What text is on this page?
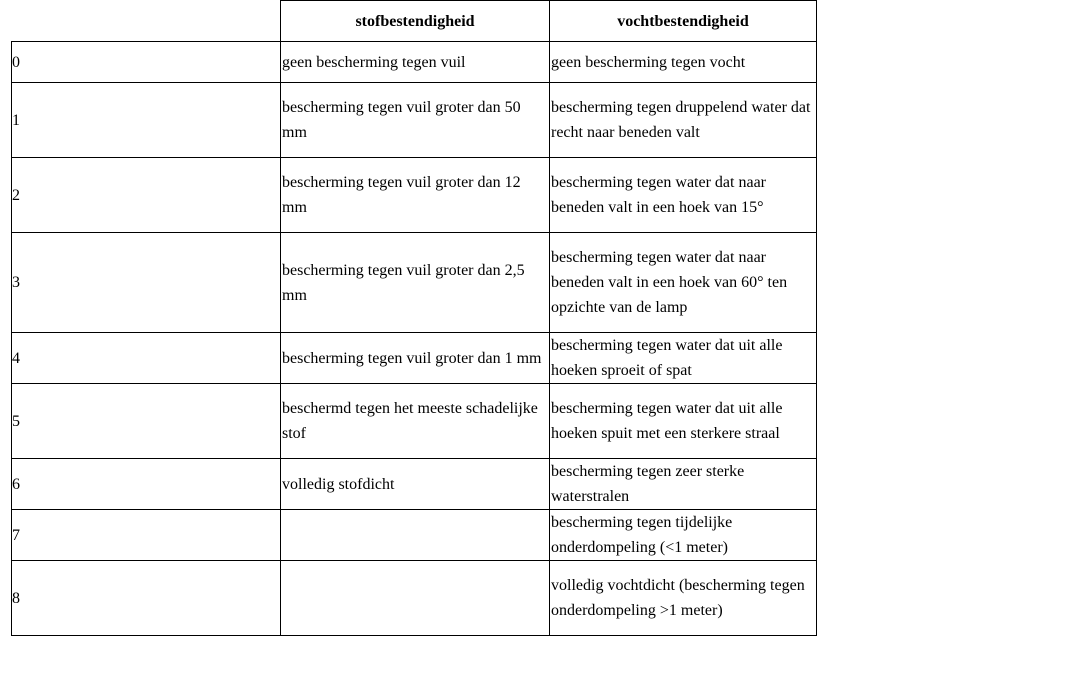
	stofbestendigheid	vochtbestendigheid
0	geen bescherming tegen vuil	geen bescherming tegen vocht
1	bescherming tegen vuil groter dan 50 mm	bescherming tegen druppelend water dat recht naar beneden valt
2	bescherming tegen vuil groter dan 12 mm	bescherming tegen water dat naar beneden valt in een hoek van 15°
3	bescherming tegen vuil groter dan 2,5 mm	bescherming tegen water dat naar beneden valt in een hoek van 60° ten opzichte van de lamp
4	bescherming tegen vuil groter dan 1 mm	bescherming tegen water dat uit alle hoeken sproeit of spat
5	beschermd tegen het meeste schadelijke stof	bescherming tegen water dat uit alle hoeken spuit met een sterkere straal
6	volledig stofdicht	bescherming tegen zeer sterke waterstralen
7		bescherming tegen tijdelijke onderdompeling (<1 meter)
8		volledig vochtdicht (bescherming tegen onderdompeling >1 meter)
